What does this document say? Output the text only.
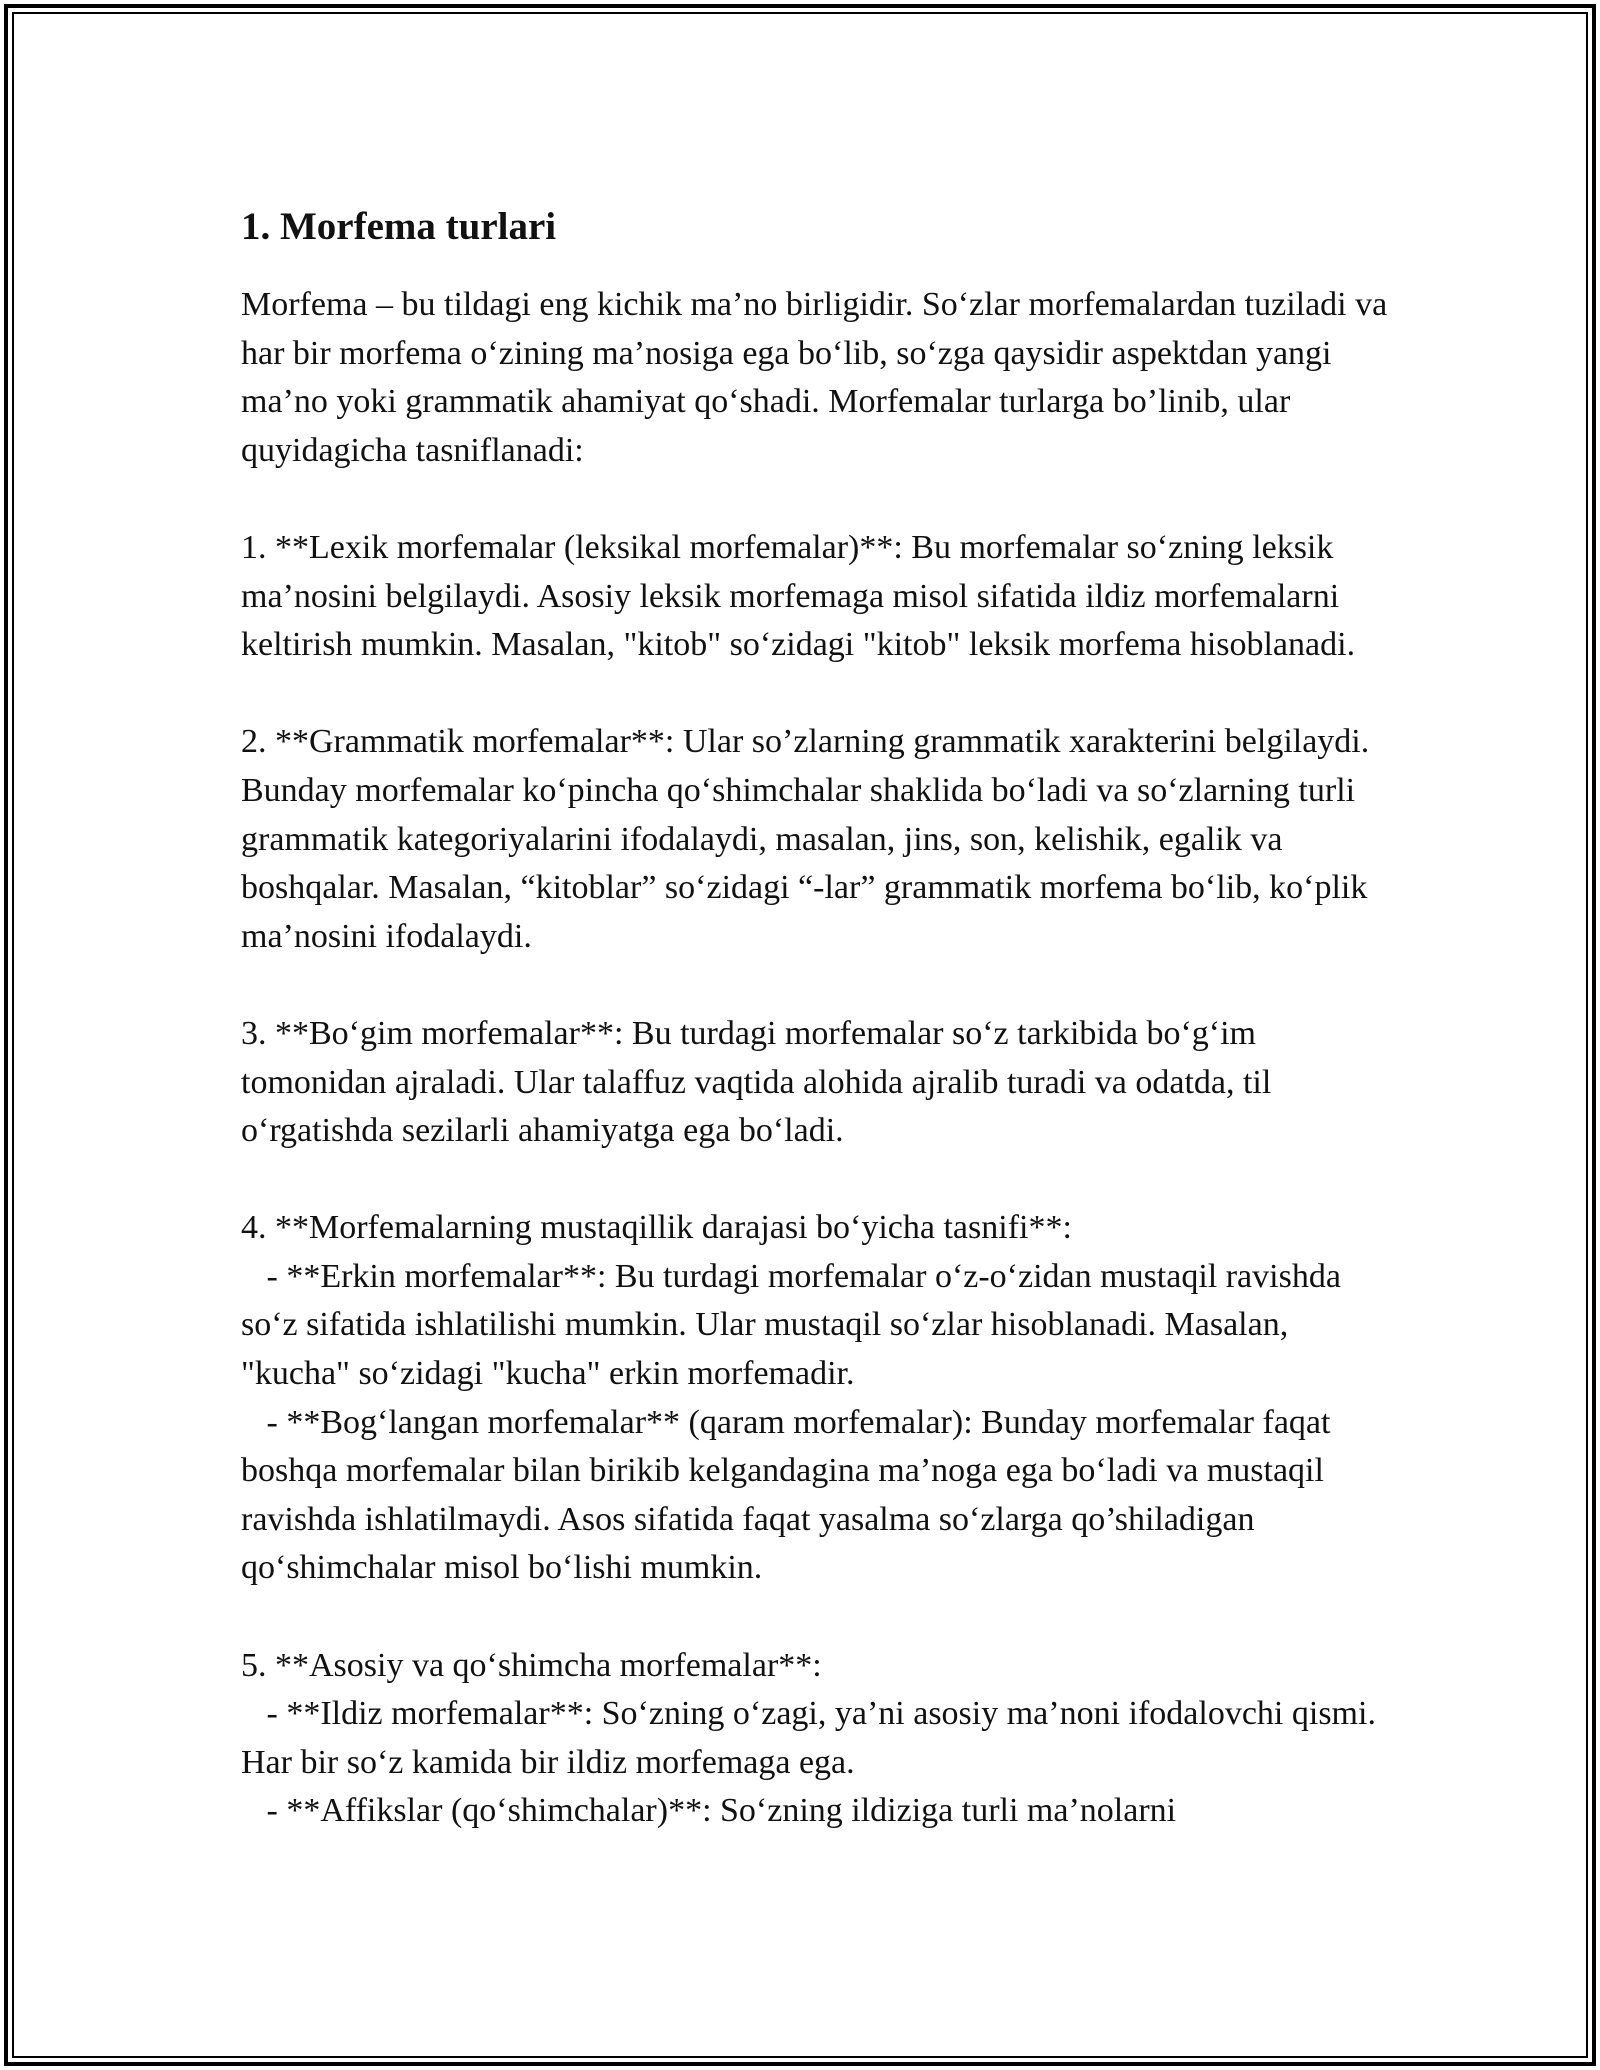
1. Morfema turlari

Morfema – bu tildagi eng kichik ma’no birligidir. So‘zlar morfemalardan tuziladi va har bir morfema o‘zining ma’nosiga ega bo‘lib, so‘zga qaysidir aspektdan yangi ma’no yoki grammatik ahamiyat qo‘shadi. Morfemalar turlarga bo’linib, ular quyidagicha tasniflanadi:

1. **Lexik morfemalar (leksikal morfemalar)**: Bu morfemalar so‘zning leksik ma’nosini belgilaydi. Asosiy leksik morfemaga misol sifatida ildiz morfemalarni keltirish mumkin. Masalan, "kitob" so‘zidagi "kitob" leksik morfema hisoblanadi.

2. **Grammatik morfemalar**: Ular so’zlarning grammatik xarakterini belgilaydi. Bunday morfemalar ko‘pincha qo‘shimchalar shaklida bo‘ladi va so‘zlarning turli grammatik kategoriyalarini ifodalaydi, masalan, jins, son, kelishik, egalik va boshqalar. Masalan, “kitoblar” so‘zidagi “-lar” grammatik morfema bo‘lib, ko‘plik ma’nosini ifodalaydi.

3. **Bo‘gim morfemalar**: Bu turdagi morfemalar so‘z tarkibida bo‘g‘im tomonidan ajraladi. Ular talaffuz vaqtida alohida ajralib turadi va odatda, til o‘rgatishda sezilarli ahamiyatga ega bo‘ladi.

4. **Morfemalarning mustaqillik darajasi bo‘yicha tasnifi**:
- **Erkin morfemalar**: Bu turdagi morfemalar o‘z-o‘zidan mustaqil ravishda so‘z sifatida ishlatilishi mumkin. Ular mustaqil so‘zlar hisoblanadi. Masalan, "kucha" so‘zidagi "kucha" erkin morfemadir.
- **Bog‘langan morfemalar** (qaram morfemalar): Bunday morfemalar faqat boshqa morfemalar bilan birikib kelgandagina ma’noga ega bo‘ladi va mustaqil ravishda ishlatilmaydi. Asos sifatida faqat yasalma so‘zlarga qo’shiladigan qo‘shimchalar misol bo‘lishi mumkin.

5. **Asosiy va qo‘shimcha morfemalar**:
- **Ildiz morfemalar**: So‘zning o‘zagi, ya’ni asosiy ma’noni ifodalovchi qismi. Har bir so‘z kamida bir ildiz morfemaga ega.
- **Affikslar (qo‘shimchalar)**: So‘zning ildiziga turli ma’nolarni
